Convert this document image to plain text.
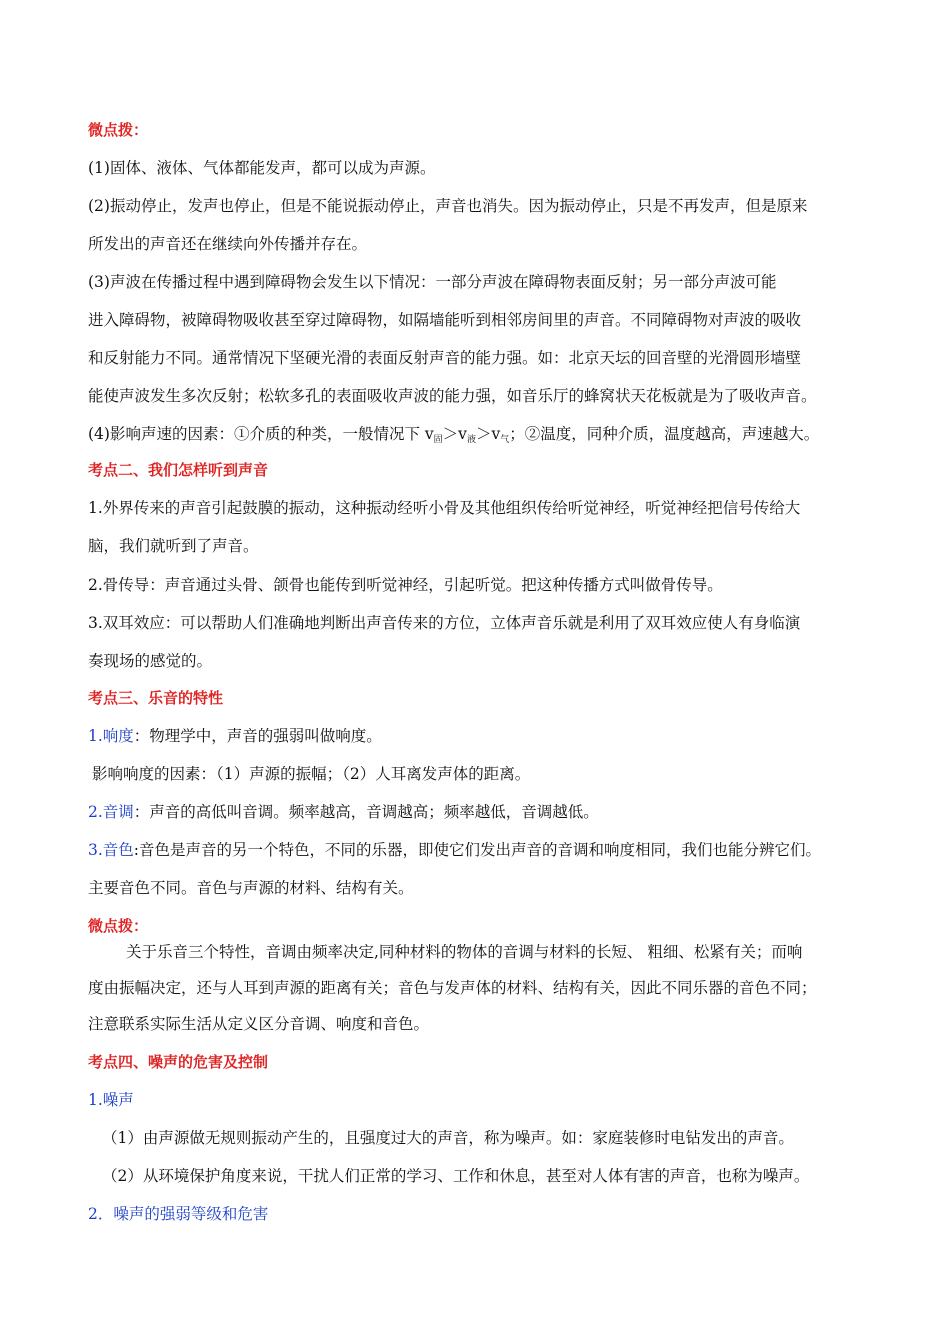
微点拨：

(1)固体、液体、气体都能发声，都可以成为声源。

(2)振动停止，发声也停止，但是不能说振动停止，声音也消失。因为振动停止，只是不再发声，但是原来

所发出的声音还在继续向外传播并存在。

(3)声波在传播过程中遇到障碍物会发生以下情况：一部分声波在障碍物表面反射；另一部分声波可能

进入障碍物，被障碍物吸收甚至穿过障碍物，如隔墙能听到相邻房间里的声音。不同障碍物对声波的吸收

和反射能力不同。通常情况下坚硬光滑的表面反射声音的能力强。如：北京天坛的回音壁的光滑圆形墙壁

能使声波发生多次反射；松软多孔的表面吸收声波的能力强，如音乐厅的蜂窝状天花板就是为了吸收声音。

(4)影响声速的因素：①介质的种类，一般情况下 $v_固>v_液>v_气$；②温度，同种介质，温度越高，声速越大。

考点二、我们怎样听到声音

1.外界传来的声音引起鼓膜的振动，这种振动经听小骨及其他组织传给听觉神经，听觉神经把信号传给大

脑，我们就听到了声音。

2.骨传导：声音通过头骨、颌骨也能传到听觉神经，引起听觉。把这种传播方式叫做骨传导。

3.双耳效应：可以帮助人们准确地判断出声音传来的方位，立体声音乐就是利用了双耳效应使人有身临演

奏现场的感觉的。

考点三、乐音的特性

1.响度：物理学中，声音的强弱叫做响度。

影响响度的因素：（1）声源的振幅；（2）人耳离发声体的距离。

2.音调：声音的高低叫音调。频率越高，音调越高；频率越低，音调越低。

3.音色:音色是声音的另一个特色，不同的乐器，即使它们发出声音的音调和响度相同，我们也能分辨它们。

主要音色不同。音色与声源的材料、结构有关。

微点拨：

关于乐音三个特性，音调由频率决定,同种材料的物体的音调与材料的长短、 粗细、松紧有关；而响

度由振幅决定，还与人耳到声源的距离有关；音色与发声体的材料、结构有关，因此不同乐器的音色不同；

注意联系实际生活从定义区分音调、响度和音色。

考点四、噪声的危害及控制

1.噪声

（1）由声源做无规则振动产生的，且强度过大的声音，称为噪声。如：家庭装修时电钻发出的声音。

（2）从环境保护角度来说，干扰人们正常的学习、工作和休息，甚至对人体有害的声音，也称为噪声。

2．噪声的强弱等级和危害
